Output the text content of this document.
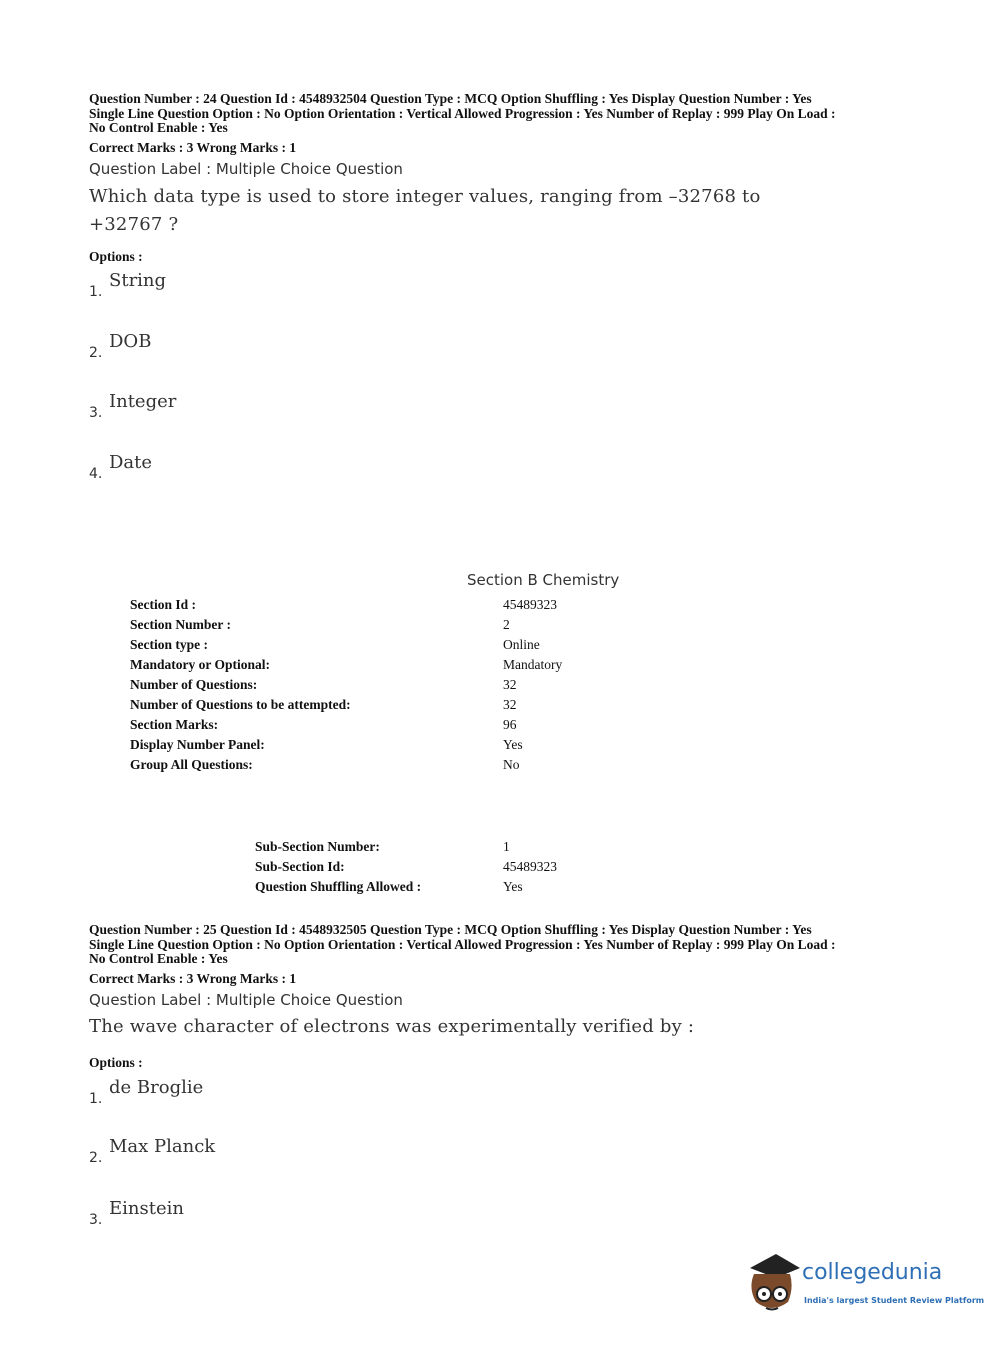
Question Number : 24 Question Id : 4548932504 Question Type : MCQ Option Shuffling : Yes Display Question Number : Yes
Single Line Question Option : No Option Orientation : Vertical Allowed Progression : Yes Number of Replay : 999 Play On Load :
No Control Enable : Yes
Correct Marks : 3 Wrong Marks : 1
Question Label : Multiple Choice Question
Which data type is used to store integer values, ranging from –32768 to +32767 ?
Options :
1.
String
2.
DOB
3.
Integer
4.
Date
Section B Chemistry
Section Id :	45489323
Section Number :	2
Section type :	Online
Mandatory or Optional:	Mandatory
Number of Questions:	32
Number of Questions to be attempted:	32
Section Marks:	96
Display Number Panel:	Yes
Group All Questions:	No
Sub-Section Number:	1
Sub-Section Id:	45489323
Question Shuffling Allowed :	Yes
Question Number : 25 Question Id : 4548932505 Question Type : MCQ Option Shuffling : Yes Display Question Number : Yes
Single Line Question Option : No Option Orientation : Vertical Allowed Progression : Yes Number of Replay : 999 Play On Load :
No Control Enable : Yes
Correct Marks : 3 Wrong Marks : 1
Question Label : Multiple Choice Question
The wave character of electrons was experimentally verified by :
Options :
1.
de Broglie
2.
Max Planck
3.
Einstein
collegedunia
India's largest Student Review Platform
